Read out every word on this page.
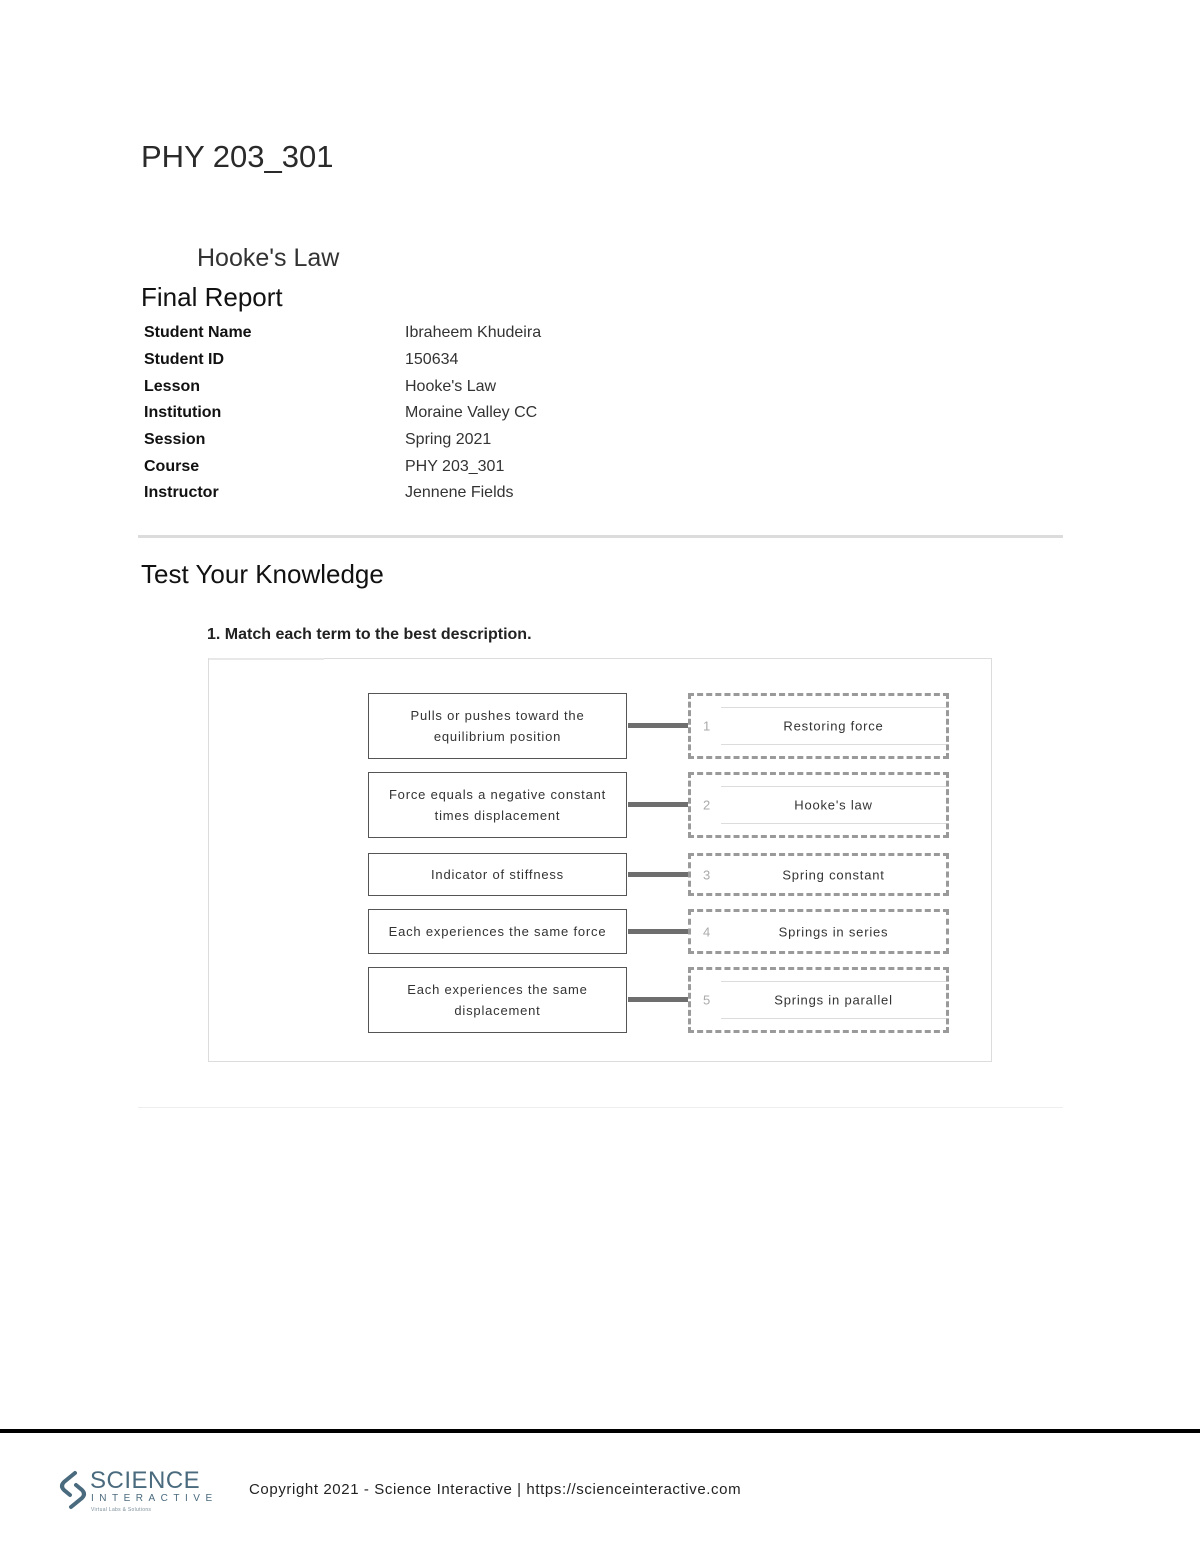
PHY 203_301
Hooke's Law
Final Report
Student Name	Ibraheem Khudeira
Student ID	150634
Lesson	Hooke's Law
Institution	Moraine Valley CC
Session	Spring 2021
Course	PHY 203_301
Instructor	Jennene Fields
Test Your Knowledge

1. Match each term to the best description.

Pulls or pushes toward the equilibrium position
1	Restoring force
Force equals a negative constant times displacement
2	Hooke's law
Indicator of stiffness	3	Spring constant
Each experiences the same force	4	Springs in series
Each experiences the same displacement
5	Springs in parallel
SCIENCE
INTERACTIVE
Virtual Labs & Solutions
Copyright 2021 - Science Interactive | https://scienceinteractive.com
